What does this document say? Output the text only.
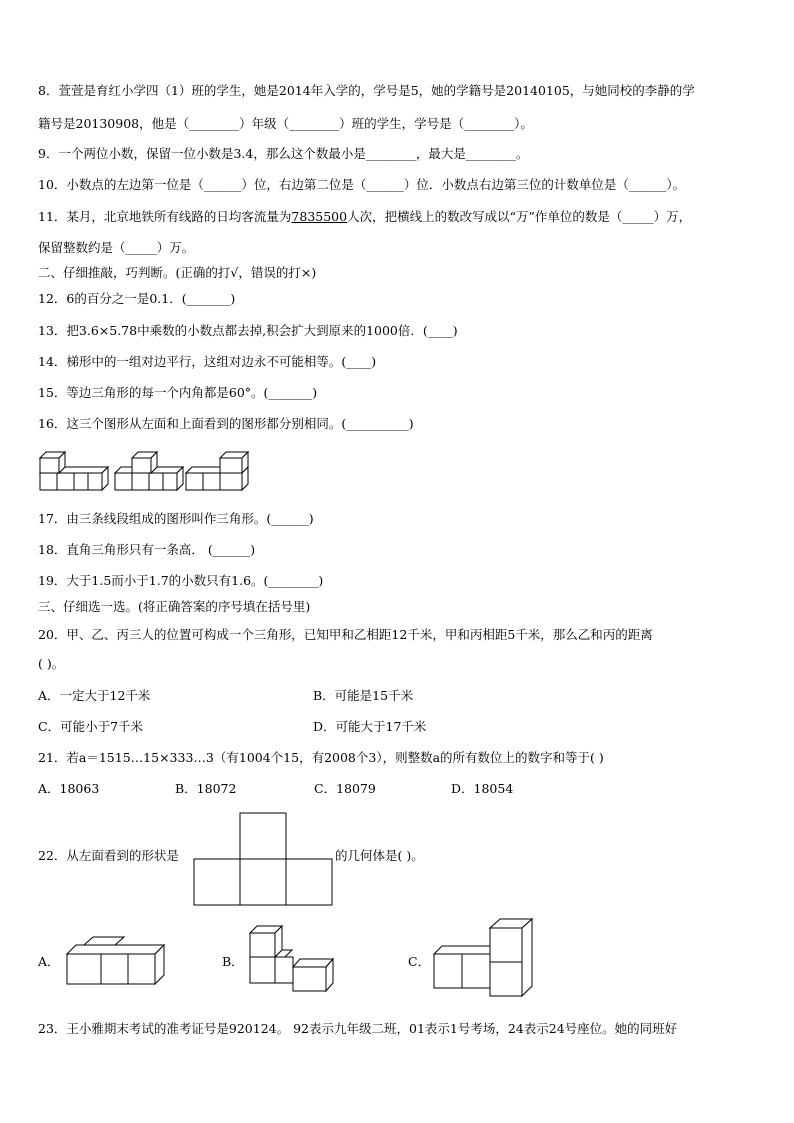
8．萱萱是育红小学四（1）班的学生，她是2014年入学的，学号是5，她的学籍号是20140105，与她同校的李静的学
籍号是20130908，他是（________）年级（________）班的学生，学号是（________）。
9．一个两位小数，保留一位小数是3.4，那么这个数最小是________，最大是________。
10．小数点的左边第一位是（______）位，右边第二位是（______）位．小数点右边第三位的计数单位是（______）。
11．某月，北京地铁所有线路的日均客流量为7835500人次，把横线上的数改写成以“万”作单位的数是（_____）万，
保留整数约是（_____）万。
二、仔细推敲，巧判断。(正确的打√，错误的打×)
12．6的百分之一是0.1．(_______)
13．把3.6×5.78中乘数的小数点都去掉,积会扩大到原来的1000倍．(____)
14．梯形中的一组对边平行，这组对边永不可能相等。(____)
15．等边三角形的每一个内角都是60°。(_______)
16．这三个图形从左面和上面看到的图形都分别相同。(__________)
17．由三条线段组成的图形叫作三角形。(______)
18．直角三角形只有一条高． (______)
19．大于1.5而小于1.7的小数只有1.6。(________)
三、仔细选一选。(将正确答案的序号填在括号里)
20．甲、乙、丙三人的位置可构成一个三角形，已知甲和乙相距12千米，甲和丙相距5千米，那么乙和丙的距离
( )。
A．一定大于12千米	B．可能是15千米
C．可能小于7千米	D．可能大于17千米
21．若a＝1515…15×333…3（有1004个15，有2008个3），则整数a的所有数位上的数字和等于( )
A．18063	B．18072	C．18079	D．18054
22．从左面看到的形状是	的几何体是( )。
A．	B．	C．
23．王小雅期末考试的准考证号是920124。 92表示九年级二班，01表示1号考场，24表示24号座位。她的同班好
